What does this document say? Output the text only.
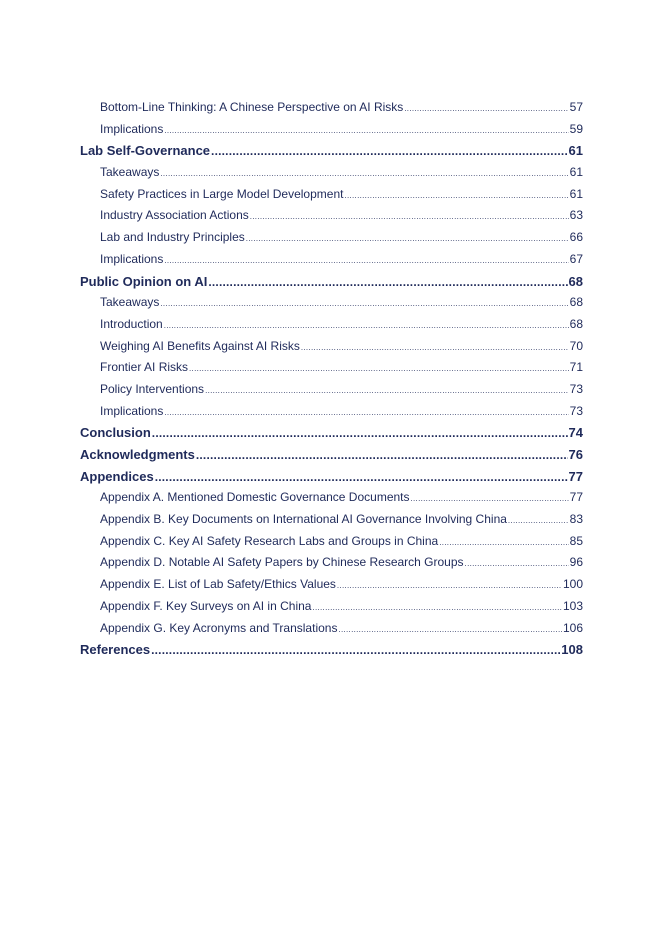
Bottom-Line Thinking: A Chinese Perspective on AI Risks .....	57
Implications .....	59
Lab Self-Governance .....	61
Takeaways .....	61
Safety Practices in Large Model Development .....	61
Industry Association Actions .....	63
Lab and Industry Principles .....	66
Implications .....	67
Public Opinion on AI .....	68
Takeaways .....	68
Introduction .....	68
Weighing AI Benefits Against AI Risks .....	70
Frontier AI Risks .....	71
Policy Interventions .....	73
Implications .....	73
Conclusion .....	74
Acknowledgments .....	76
Appendices .....	77
Appendix A. Mentioned Domestic Governance Documents .....	77
Appendix B. Key Documents on International AI Governance Involving China .....	83
Appendix C. Key AI Safety Research Labs and Groups in China .....	85
Appendix D. Notable AI Safety Papers by Chinese Research Groups .....	96
Appendix E. List of Lab Safety/Ethics Values .....	100
Appendix F. Key Surveys on AI in China .....	103
Appendix G. Key Acronyms and Translations .....	106
References .....	108
